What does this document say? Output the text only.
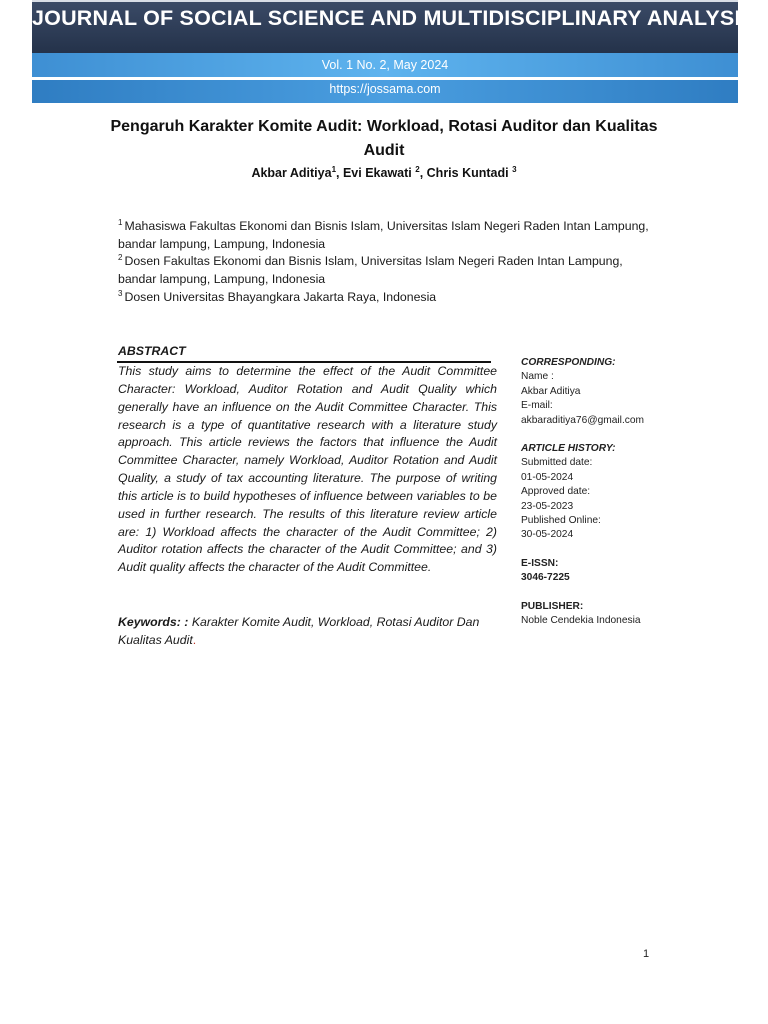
JOURNAL OF SOCIAL SCIENCE AND MULTIDISCIPLINARY ANALYSIS
Vol. 1 No. 2, May 2024
https://jossama.com
Pengaruh Karakter Komite Audit: Workload, Rotasi Auditor dan Kualitas Audit
Akbar Aditiya$^1$, Evi Ekawati $^2$, Chris Kuntadi $^3$

$^1$ Mahasiswa Fakultas Ekonomi dan Bisnis Islam, Universitas Islam Negeri Raden Intan Lampung, bandar lampung, Lampung, Indonesia

$^2$ Dosen Fakultas Ekonomi dan Bisnis Islam, Universitas Islam Negeri Raden Intan Lampung, bandar lampung, Lampung, Indonesia

$^3$ Dosen Universitas Bhayangkara Jakarta Raya, Indonesia

ABSTRACT
This study aims to determine the effect of the Audit Committee Character: Workload, Auditor Rotation and Audit Quality which generally have an influence on the Audit Committee Character. This research is a type of quantitative research with a literature study approach. This article reviews the factors that influence the Audit Committee Character, namely Workload, Auditor Rotation and Audit Quality, a study of tax accounting literature. The purpose of writing this article is to build hypotheses of influence between variables to be used in further research. The results of this literature review article are: 1) Workload affects the character of the Audit Committee; 2) Auditor rotation affects the character of the Audit Committee; and 3) Audit quality affects the character of the Audit Committee.
Keywords: : Karakter Komite Audit, Workload, Rotasi Auditor Dan Kualitas Audit.
CORRESPONDING:
Name :
Akbar Aditiya
E-mail:
akbaraditiya76@gmail.com
ARTICLE HISTORY:
Submitted date:
01-05-2024
Approved date:
23-05-2023
Published Online:
30-05-2024
E-ISSN:
3046-7225
PUBLISHER:
Noble Cendekia Indonesia
1
